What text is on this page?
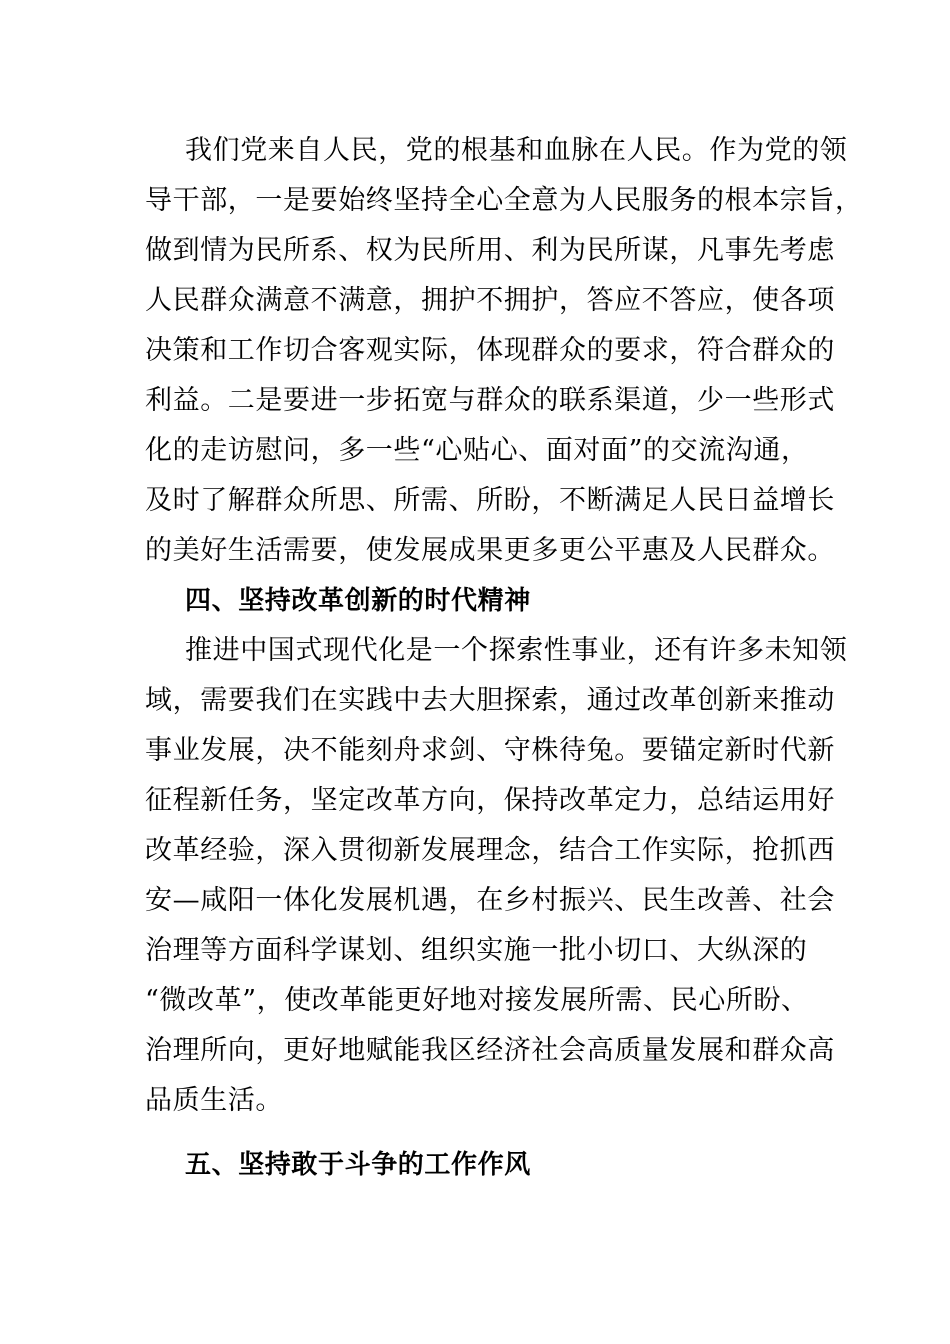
我们党来自人民，党的根基和血脉在人民。作为党的领
导干部，一是要始终坚持全心全意为人民服务的根本宗旨，
做到情为民所系、权为民所用、利为民所谋，凡事先考虑
人民群众满意不满意，拥护不拥护，答应不答应，使各项
决策和工作切合客观实际，体现群众的要求，符合群众的
利益。二是要进一步拓宽与群众的联系渠道，少一些形式
化的走访慰问，多一些“心贴心、面对面”的交流沟通，
及时了解群众所思、所需、所盼，不断满足人民日益增长
的美好生活需要，使发展成果更多更公平惠及人民群众。
四、坚持改革创新的时代精神
推进中国式现代化是一个探索性事业，还有许多未知领
域，需要我们在实践中去大胆探索，通过改革创新来推动
事业发展，决不能刻舟求剑、守株待兔。要锚定新时代新
征程新任务，坚定改革方向，保持改革定力，总结运用好
改革经验，深入贯彻新发展理念，结合工作实际，抢抓西
安—咸阳一体化发展机遇，在乡村振兴、民生改善、社会
治理等方面科学谋划、组织实施一批小切口、大纵深的
“微改革”，使改革能更好地对接发展所需、民心所盼、
治理所向，更好地赋能我区经济社会高质量发展和群众高
品质生活。
五、坚持敢于斗争的工作作风
